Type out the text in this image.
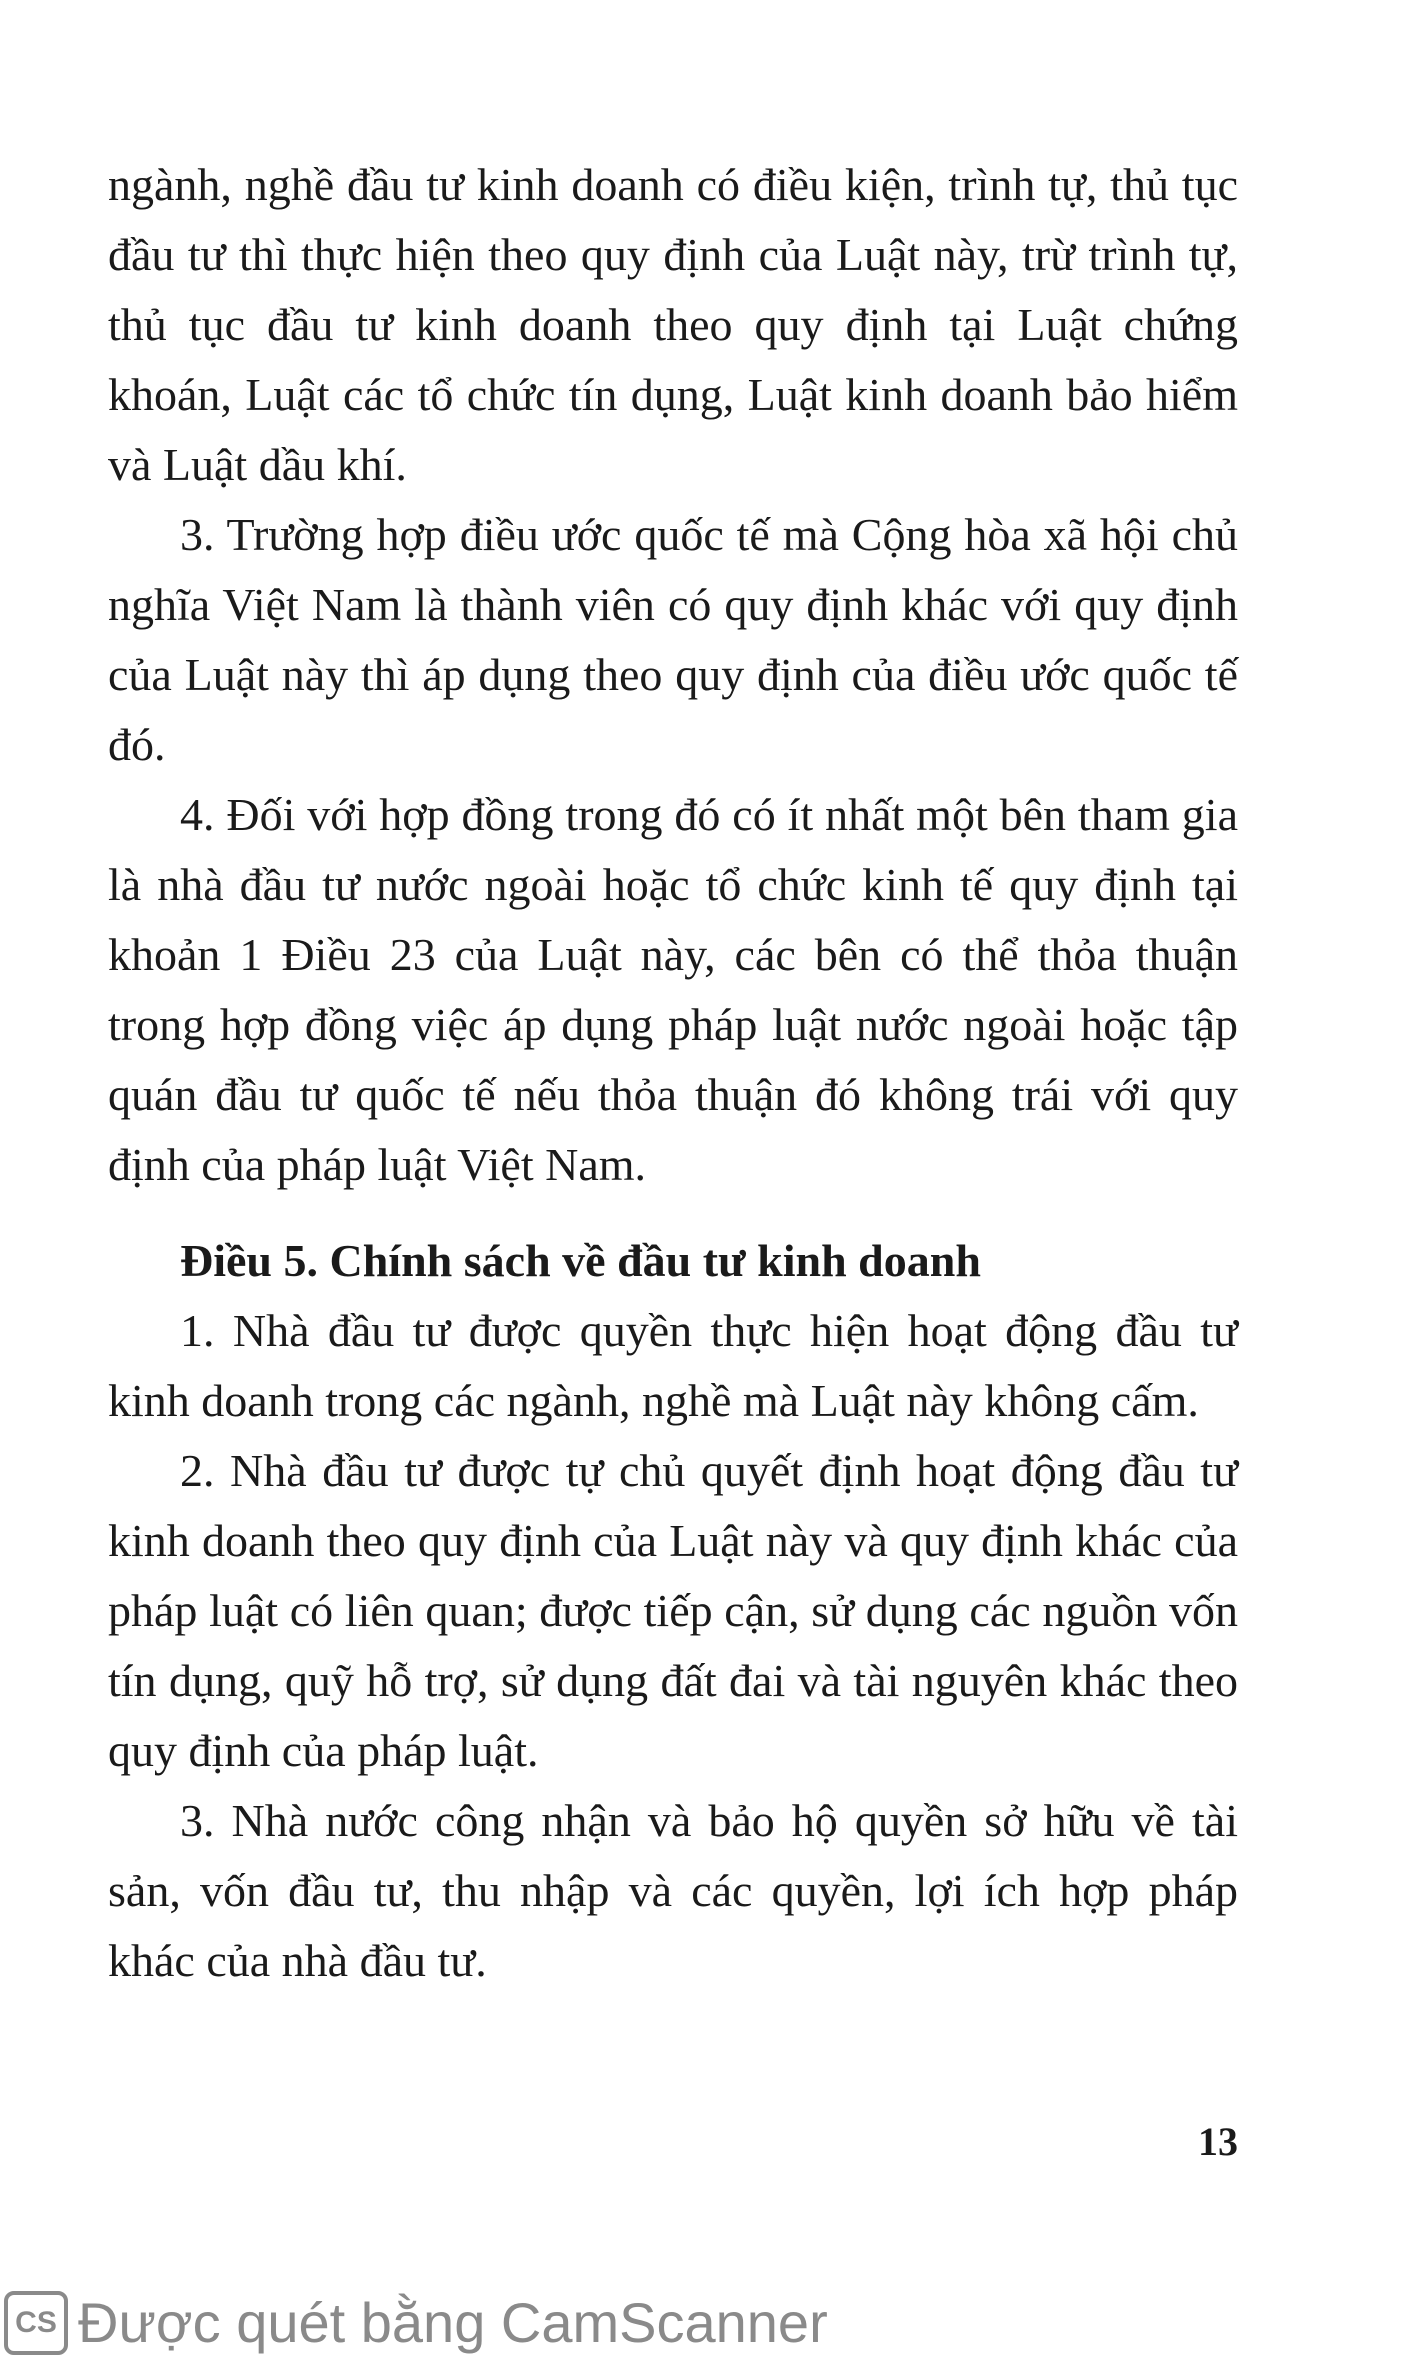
ngành, nghề đầu tư kinh doanh có điều kiện, trình tự, thủ tục đầu tư thì thực hiện theo quy định của Luật này, trừ trình tự, thủ tục đầu tư kinh doanh theo quy định tại Luật chứng khoán, Luật các tổ chức tín dụng, Luật kinh doanh bảo hiểm và Luật dầu khí.

3. Trường hợp điều ước quốc tế mà Cộng hòa xã hội chủ nghĩa Việt Nam là thành viên có quy định khác với quy định của Luật này thì áp dụng theo quy định của điều ước quốc tế đó.

4. Đối với hợp đồng trong đó có ít nhất một bên tham gia là nhà đầu tư nước ngoài hoặc tổ chức kinh tế quy định tại khoản 1 Điều 23 của Luật này, các bên có thể thỏa thuận trong hợp đồng việc áp dụng pháp luật nước ngoài hoặc tập quán đầu tư quốc tế nếu thỏa thuận đó không trái với quy định của pháp luật Việt Nam.

Điều 5. Chính sách về đầu tư kinh doanh

1. Nhà đầu tư được quyền thực hiện hoạt động đầu tư kinh doanh trong các ngành, nghề mà Luật này không cấm.

2. Nhà đầu tư được tự chủ quyết định hoạt động đầu tư kinh doanh theo quy định của Luật này và quy định khác của pháp luật có liên quan; được tiếp cận, sử dụng các nguồn vốn tín dụng, quỹ hỗ trợ, sử dụng đất đai và tài nguyên khác theo quy định của pháp luật.

3. Nhà nước công nhận và bảo hộ quyền sở hữu về tài sản, vốn đầu tư, thu nhập và các quyền, lợi ích hợp pháp khác của nhà đầu tư.

13
CS Được quét bằng CamScanner
